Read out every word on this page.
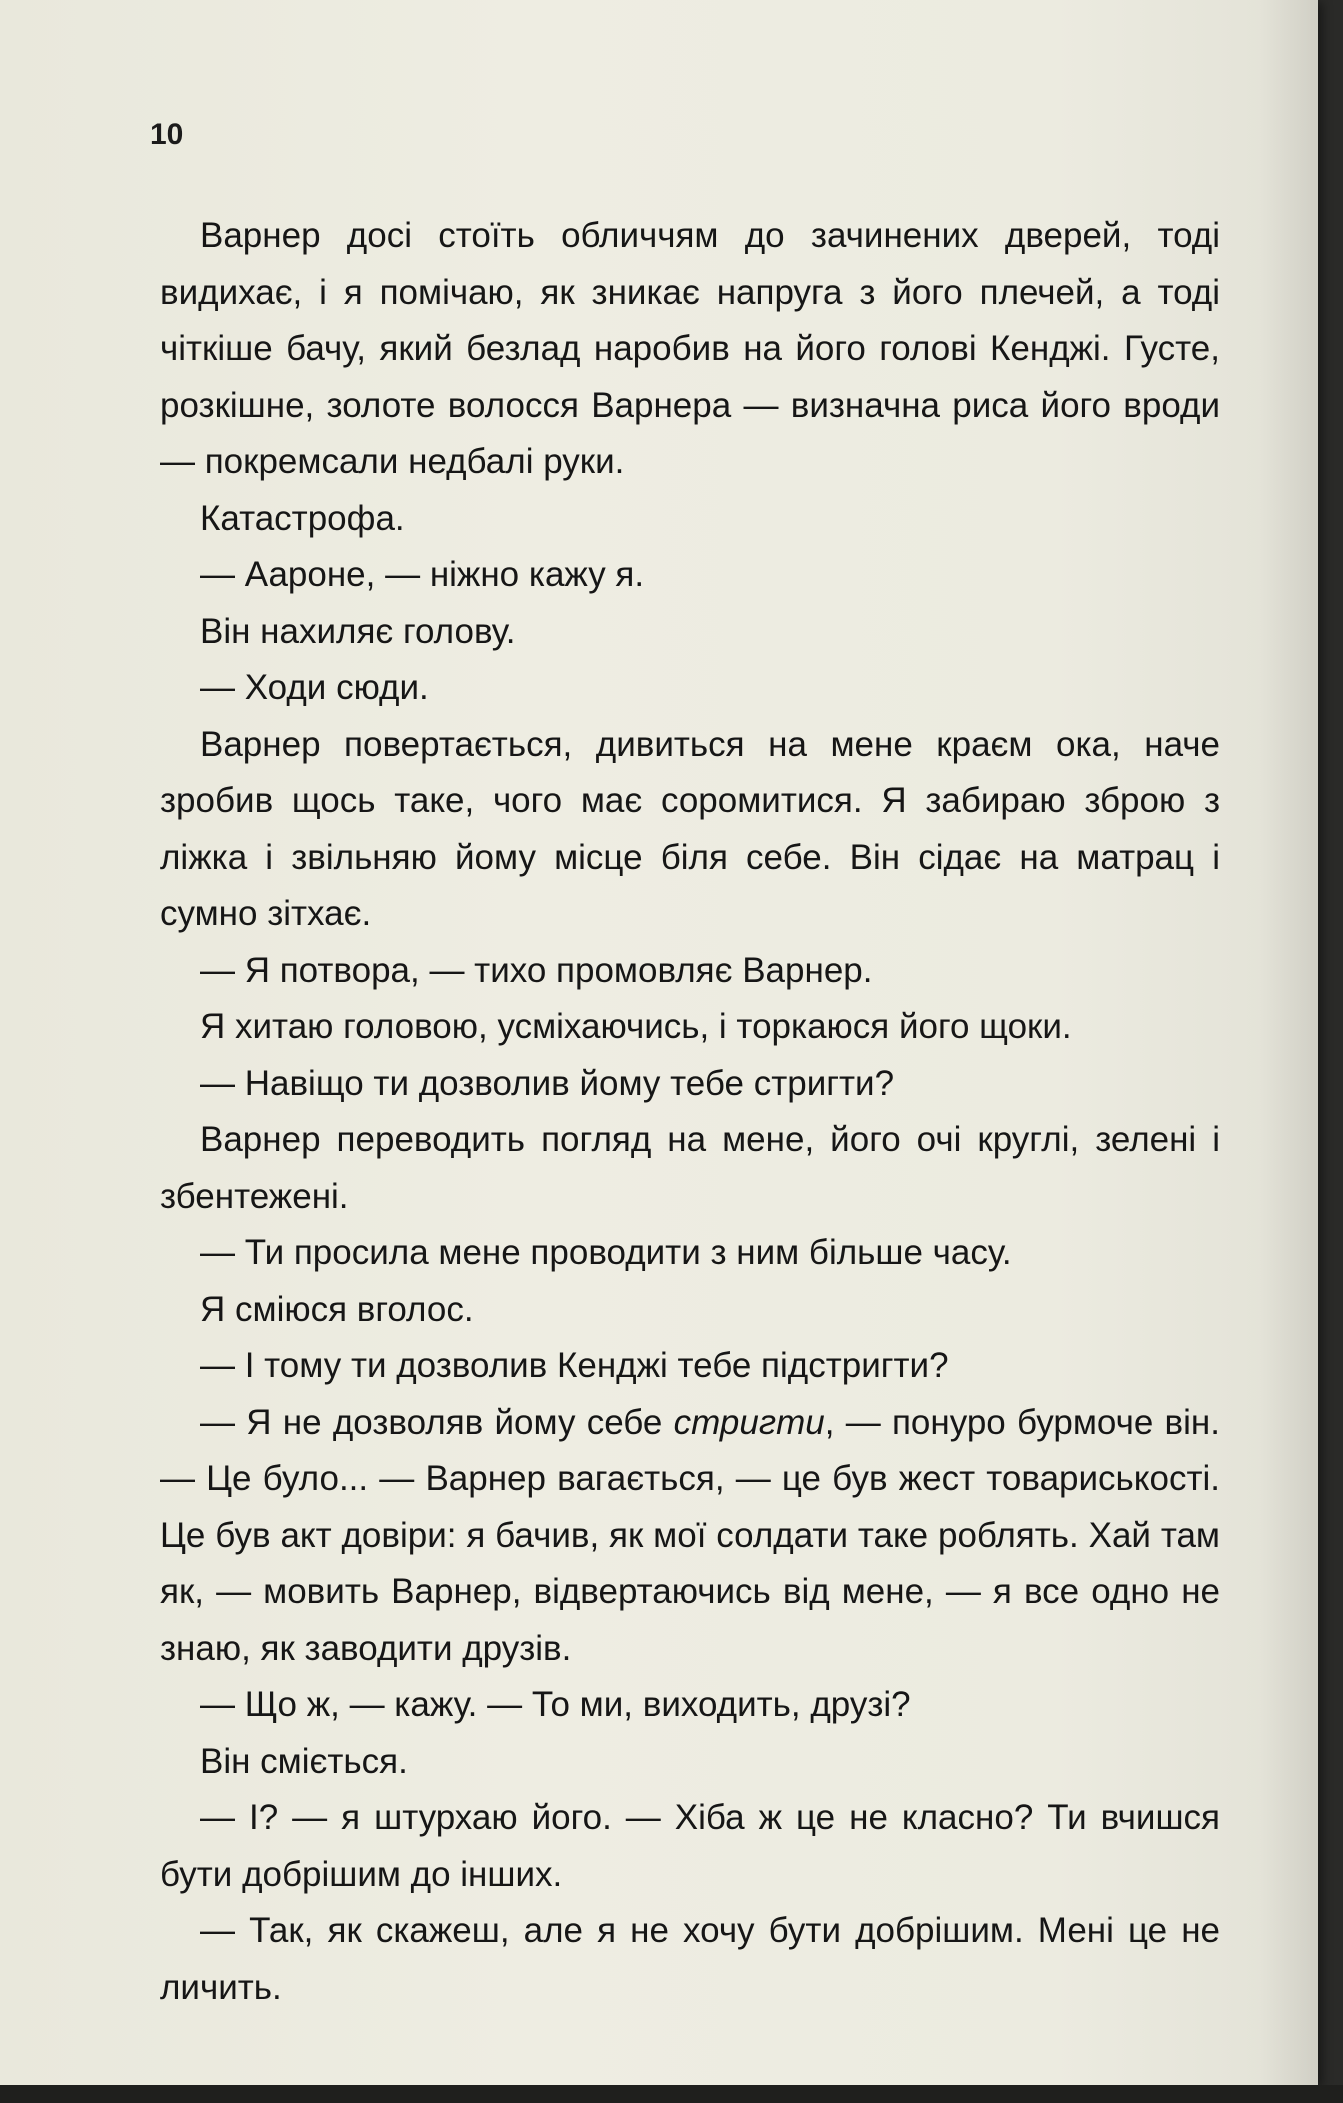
10

Варнер досі стоїть обличчям до зачинених дверей, тоді видихає, і я помічаю, як зникає напруга з його плечей, а тоді чіткіше бачу, який безлад наробив на його голові Кенджі. Густе, розкішне, золоте волосся Варнера — визначна риса його вроди — покремсали недбалі руки.

Катастрофа.

— Аароне, — ніжно кажу я.

Він нахиляє голову.

— Ходи сюди.

Варнер повертається, дивиться на мене краєм ока, наче зробив щось таке, чого має соромитися. Я забираю зброю з ліжка і звільняю йому місце біля себе. Він сідає на матрац і сумно зітхає.

— Я потвора, — тихо промовляє Варнер.

Я хитаю головою, усміхаючись, і торкаюся його щоки.

— Навіщо ти дозволив йому тебе стригти?

Варнер переводить погляд на мене, його очі круглі, зелені і збентежені.

— Ти просила мене проводити з ним більше часу.

Я сміюся вголос.

— І тому ти дозволив Кенджі тебе підстригти?

— Я не дозволяв йому себе стригти, — понуро бурмоче він. — Це було... — Варнер вагається, — це був жест товариськості. Це був акт довіри: я бачив, як мої солдати таке роблять. Хай там як, — мовить Варнер, відвертаючись від мене, — я все одно не знаю, як заводити друзів.

— Що ж, — кажу. — То ми, виходить, друзі?

Він сміється.

— І? — я штурхаю його. — Хіба ж це не класно? Ти вчишся бути добрішим до інших.

— Так, як скажеш, але я не хочу бути добрішим. Мені це не личить.
